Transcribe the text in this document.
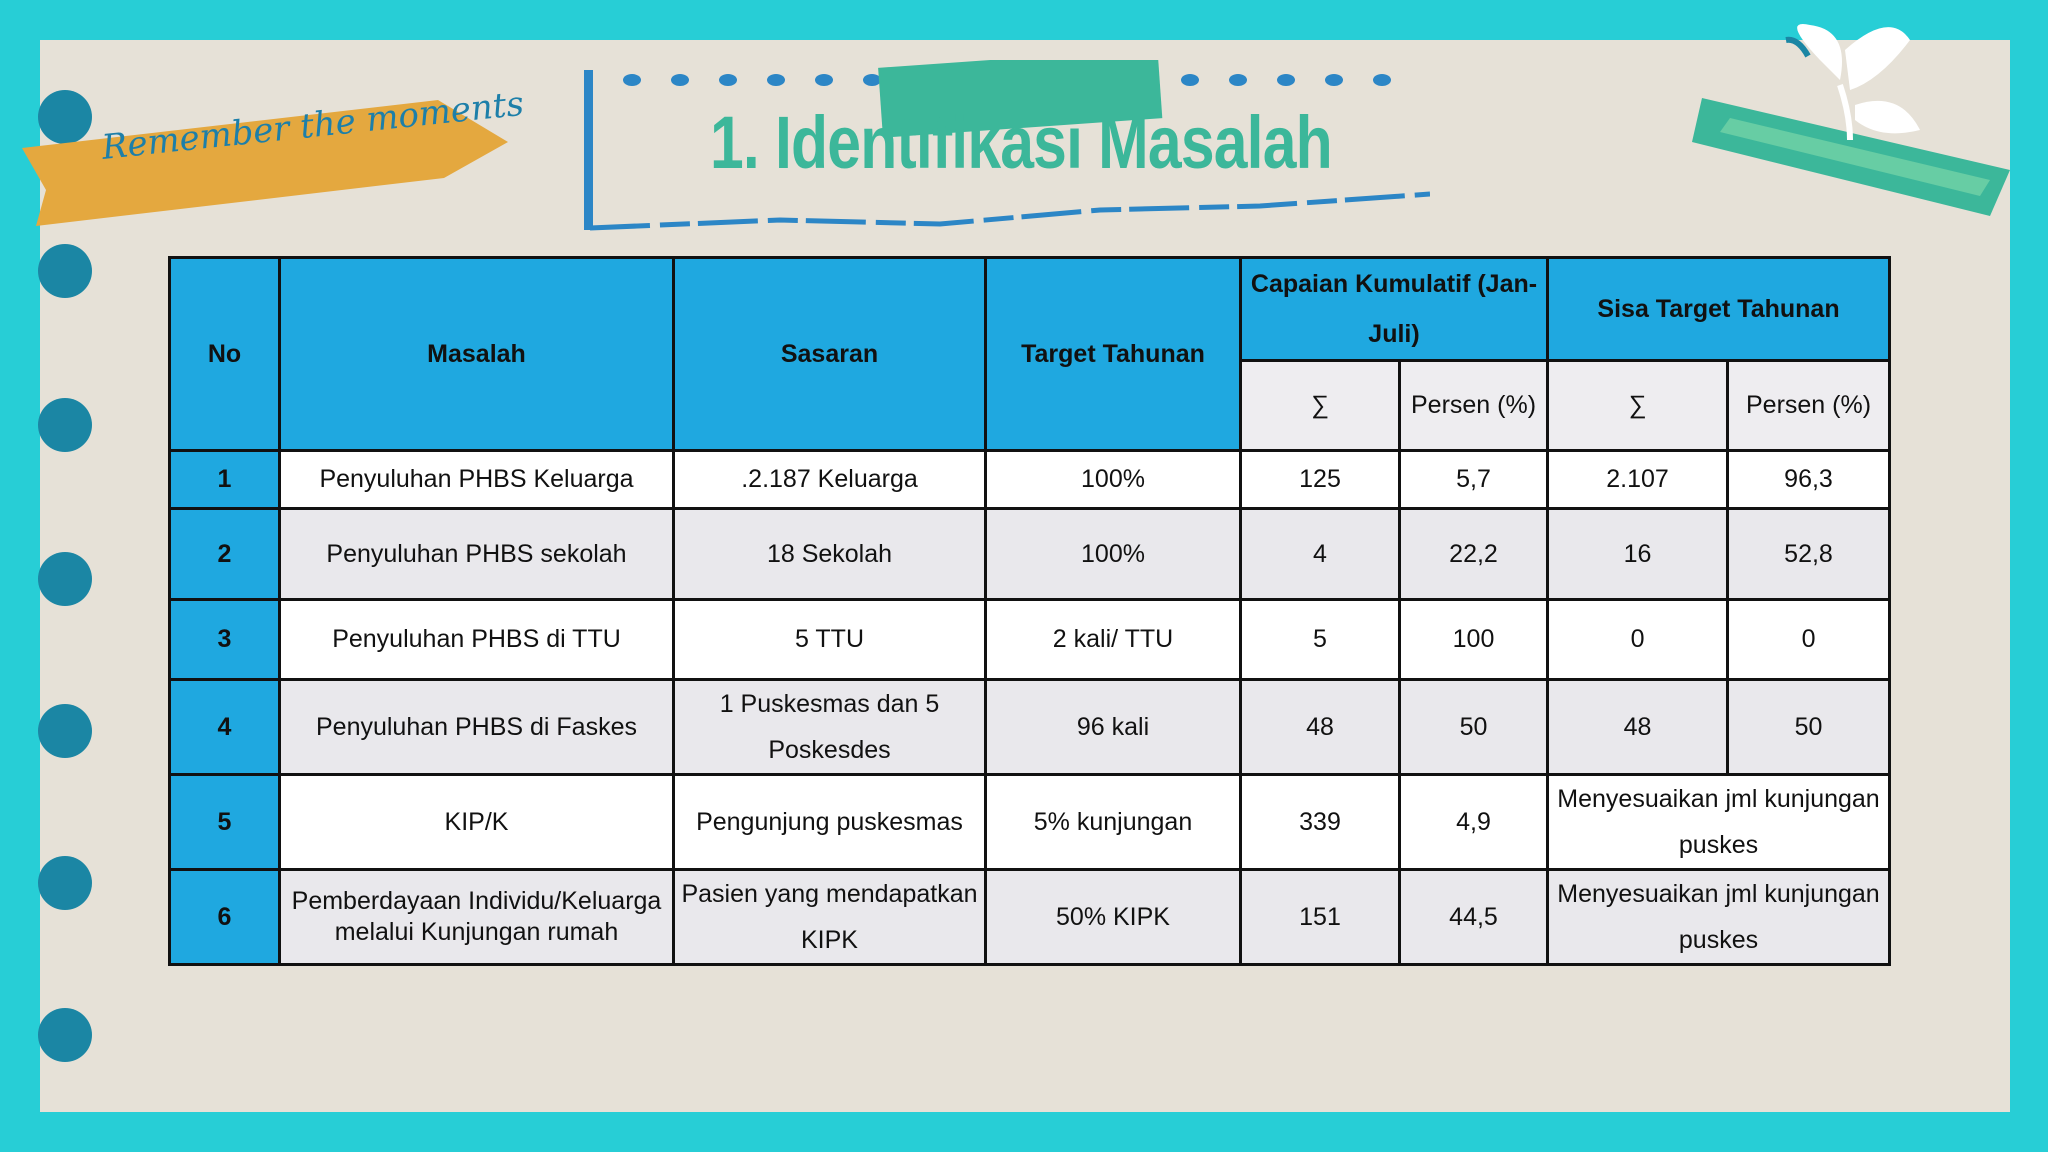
Remember the moments 1. Identifikasi Masalah
No	Masalah	Sasaran	Target Tahunan	Capaian Kumulatif (Jan-Juli)		Sisa Target Tahunan	
				∑	Persen (%)	∑	Persen (%)
1	Penyuluhan PHBS Keluarga	.2.187 Keluarga	100%	125	5,7	2.107	96,3
2	Penyuluhan PHBS sekolah	18 Sekolah	100%	4	22,2	16	52,8
3	Penyuluhan PHBS di TTU	5 TTU	2 kali/ TTU	5	100	0	0
4	Penyuluhan PHBS di Faskes	1 Puskesmas dan 5 Poskesdes	96 kali	48	50	48	50
5	KIP/K	Pengunjung puskesmas	5% kunjungan	339	4,9	Menyesuaikan jml kunjungan puskes	
6	Pemberdayaan Individu/Keluarga melalui Kunjungan rumah	Pasien yang mendapatkan KIPK	50% KIPK	151	44,5	Menyesuaikan jml kunjungan puskes	
